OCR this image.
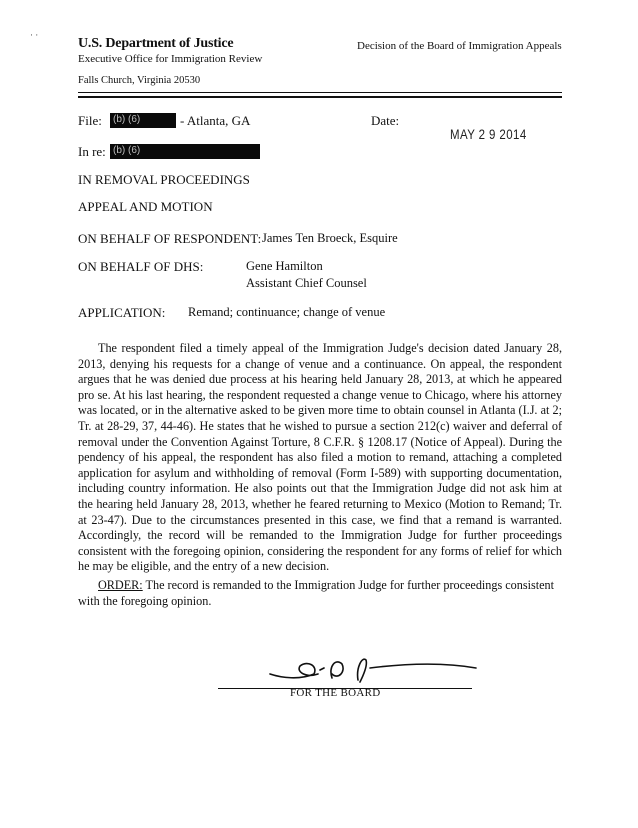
· ·
U.S. Department of Justice
Executive Office for Immigration Review
Decision of the Board of Immigration Appeals
Falls Church, Virginia 20530
File:	(b) (6)	- Atlanta, GA	Date:
MAY 2 9 2014
In re: (b) (6)
IN REMOVAL PROCEEDINGS
APPEAL AND MOTION
ON BEHALF OF RESPONDENT: James Ten Broeck, Esquire
ON BEHALF OF DHS:	Gene Hamilton
Assistant Chief Counsel
APPLICATION: Remand; continuance; change of venue
The respondent filed a timely appeal of the Immigration Judge's decision dated January 28, 2013, denying his requests for a change of venue and a continuance. On appeal, the respondent argues that he was denied due process at his hearing held January 28, 2013, at which he appeared pro se. At his last hearing, the respondent requested a change venue to Chicago, where his attorney was located, or in the alternative asked to be given more time to obtain counsel in Atlanta (I.J. at 2; Tr. at 28-29, 37, 44-46). He states that he wished to pursue a section 212(c) waiver and deferral of removal under the Convention Against Torture, 8 C.F.R. § 1208.17 (Notice of Appeal). During the pendency of his appeal, the respondent has also filed a motion to remand, attaching a completed application for asylum and withholding of removal (Form I-589) with supporting documentation, including country information. He also points out that the Immigration Judge did not ask him at the hearing held January 28, 2013, whether he feared returning to Mexico (Motion to Remand; Tr. at 23-47). Due to the circumstances presented in this case, we find that a remand is warranted. Accordingly, the record will be remanded to the Immigration Judge for further proceedings consistent with the foregoing opinion, considering the respondent for any forms of relief for which he may be eligible, and the entry of a new decision.
ORDER: The record is remanded to the Immigration Judge for further proceedings consistent with the foregoing opinion.
FOR THE BOARD
